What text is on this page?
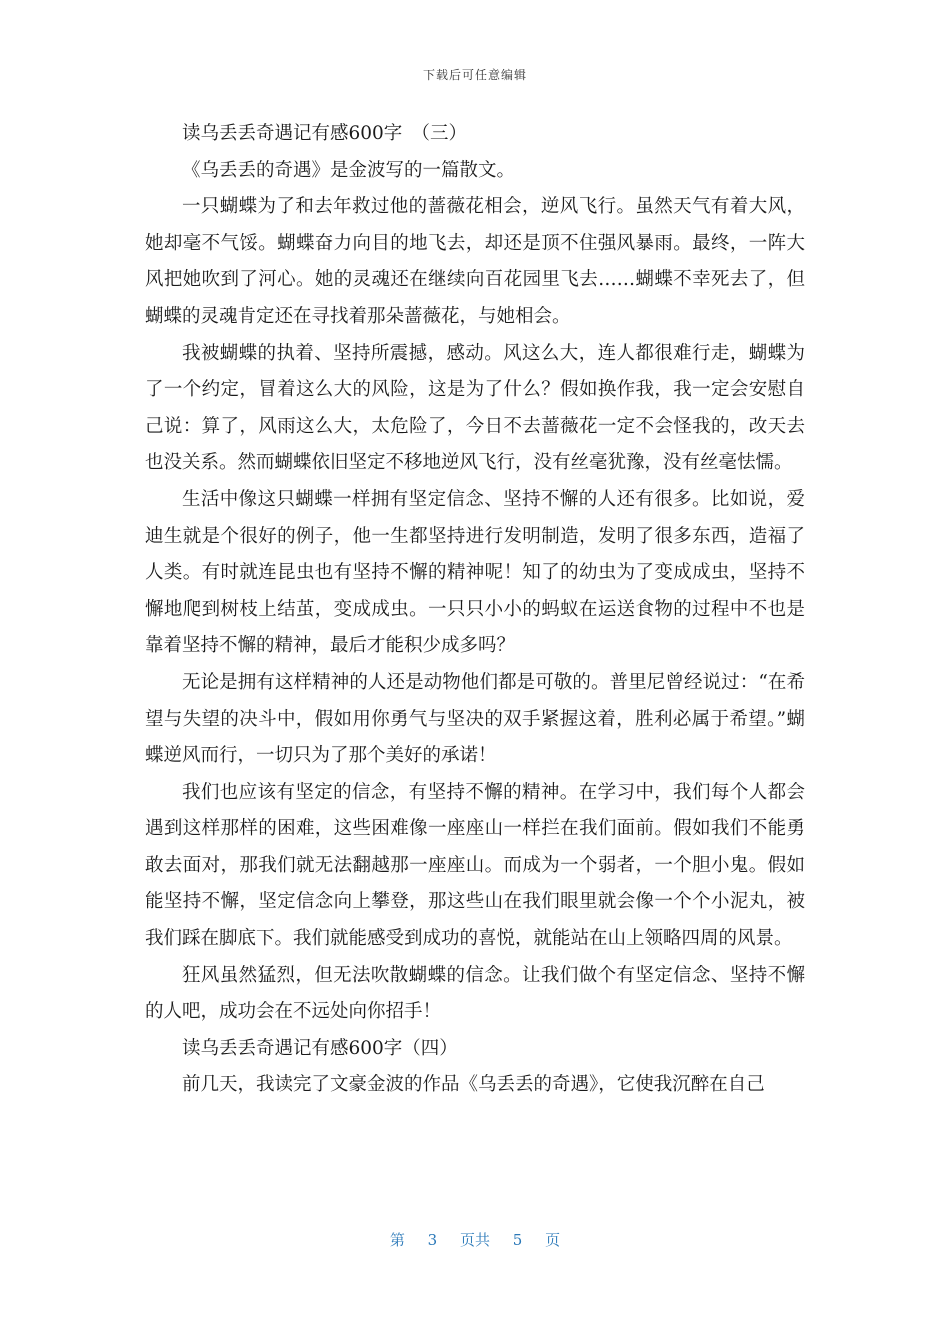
下载后可任意编辑

读乌丢丢奇遇记有感600字　（三）

《乌丢丢的奇遇》是金波写的一篇散文。

一只蝴蝶为了和去年救过他的蔷薇花相会，逆风飞行。虽然天气有着大风，她却毫不气馁。蝴蝶奋力向目的地飞去，却还是顶不住强风暴雨。最终，一阵大风把她吹到了河心。她的灵魂还在继续向百花园里飞去……蝴蝶不幸死去了，但蝴蝶的灵魂肯定还在寻找着那朵蔷薇花，与她相会。

我被蝴蝶的执着、坚持所震撼，感动。风这么大，连人都很难行走，蝴蝶为了一个约定，冒着这么大的风险，这是为了什么？假如换作我，我一定会安慰自己说：算了，风雨这么大，太危险了，今日不去蔷薇花一定不会怪我的，改天去也没关系。然而蝴蝶依旧坚定不移地逆风飞行，没有丝毫犹豫，没有丝毫怯懦。

生活中像这只蝴蝶一样拥有坚定信念、坚持不懈的人还有很多。比如说，爱迪生就是个很好的例子，他一生都坚持进行发明制造，发明了很多东西，造福了人类。有时就连昆虫也有坚持不懈的精神呢！知了的幼虫为了变成成虫，坚持不懈地爬到树枝上结茧，变成成虫。一只只小小的蚂蚁在运送食物的过程中不也是靠着坚持不懈的精神，最后才能积少成多吗？

无论是拥有这样精神的人还是动物他们都是可敬的。普里尼曾经说过：“在希望与失望的决斗中，假如用你勇气与坚决的双手紧握这着，胜利必属于希望。”蝴蝶逆风而行，一切只为了那个美好的承诺！

我们也应该有坚定的信念，有坚持不懈的精神。在学习中，我们每个人都会遇到这样那样的困难，这些困难像一座座山一样拦在我们面前。假如我们不能勇敢去面对，那我们就无法翻越那一座座山。而成为一个弱者，一个胆小鬼。假如能坚持不懈，坚定信念向上攀登，那这些山在我们眼里就会像一个个小泥丸，被我们踩在脚底下。我们就能感受到成功的喜悦，就能站在山上领略四周的风景。

狂风虽然猛烈，但无法吹散蝴蝶的信念。让我们做个有坚定信念、坚持不懈的人吧，成功会在不远处向你招手！

读乌丢丢奇遇记有感600字（四）

前几天，我读完了文豪金波的作品《乌丢丢的奇遇》，它使我沉醉在自己

第 3 页共 5 页
